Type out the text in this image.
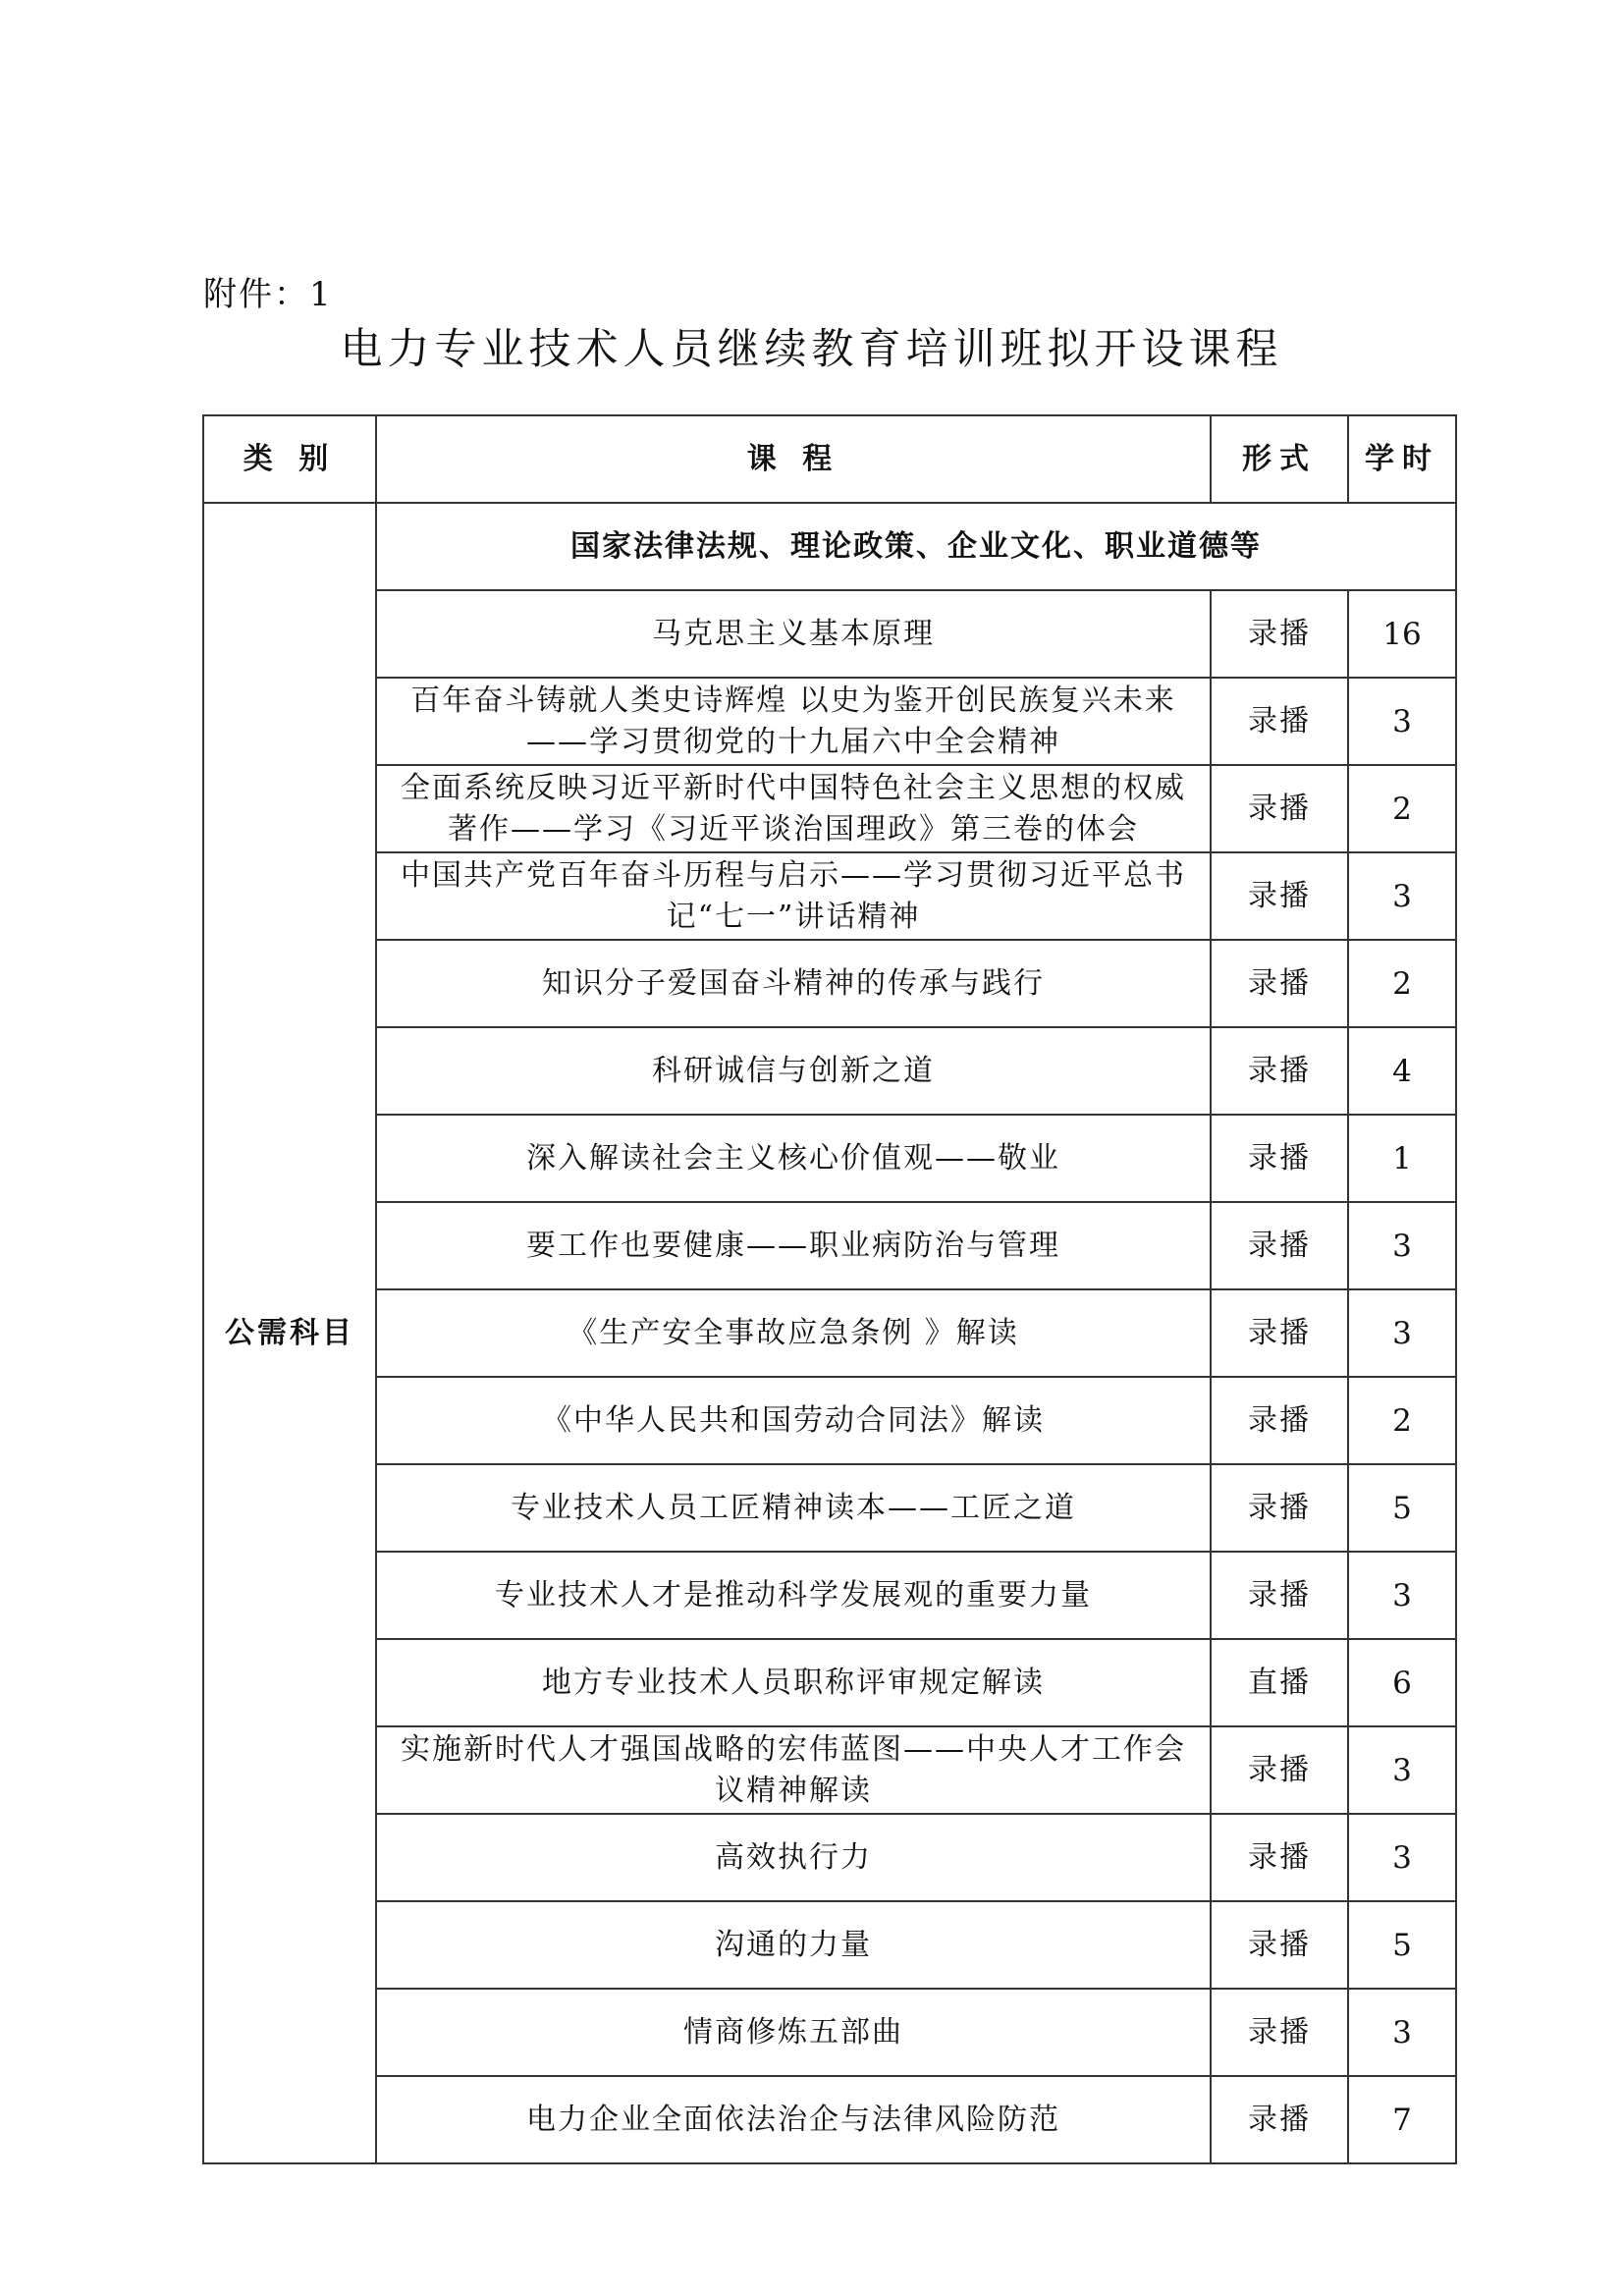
附件：1
电力专业技术人员继续教育培训班拟开设课程
类 别	课 程	形式	学时
公需科目	国家法律法规、理论政策、企业文化、职业道德等		
	马克思主义基本原理	录播	16
	百年奋斗铸就人类史诗辉煌 以史为鉴开创民族复兴未来——学习贯彻党的十九届六中全会精神	录播	3
	全面系统反映习近平新时代中国特色社会主义思想的权威著作——学习《习近平谈治国理政》第三卷的体会	录播	2
	中国共产党百年奋斗历程与启示——学习贯彻习近平总书记“七一”讲话精神	录播	3
	知识分子爱国奋斗精神的传承与践行	录播	2
	科研诚信与创新之道	录播	4
	深入解读社会主义核心价值观——敬业	录播	1
	要工作也要健康——职业病防治与管理	录播	3
	《生产安全事故应急条例 》解读	录播	3
	《中华人民共和国劳动合同法》解读	录播	2
	专业技术人员工匠精神读本——工匠之道	录播	5
	专业技术人才是推动科学发展观的重要力量	录播	3
	地方专业技术人员职称评审规定解读	直播	6
	实施新时代人才强国战略的宏伟蓝图——中央人才工作会议精神解读	录播	3
	高效执行力	录播	3
	沟通的力量	录播	5
	情商修炼五部曲	录播	3
	电力企业全面依法治企与法律风险防范	录播	7
